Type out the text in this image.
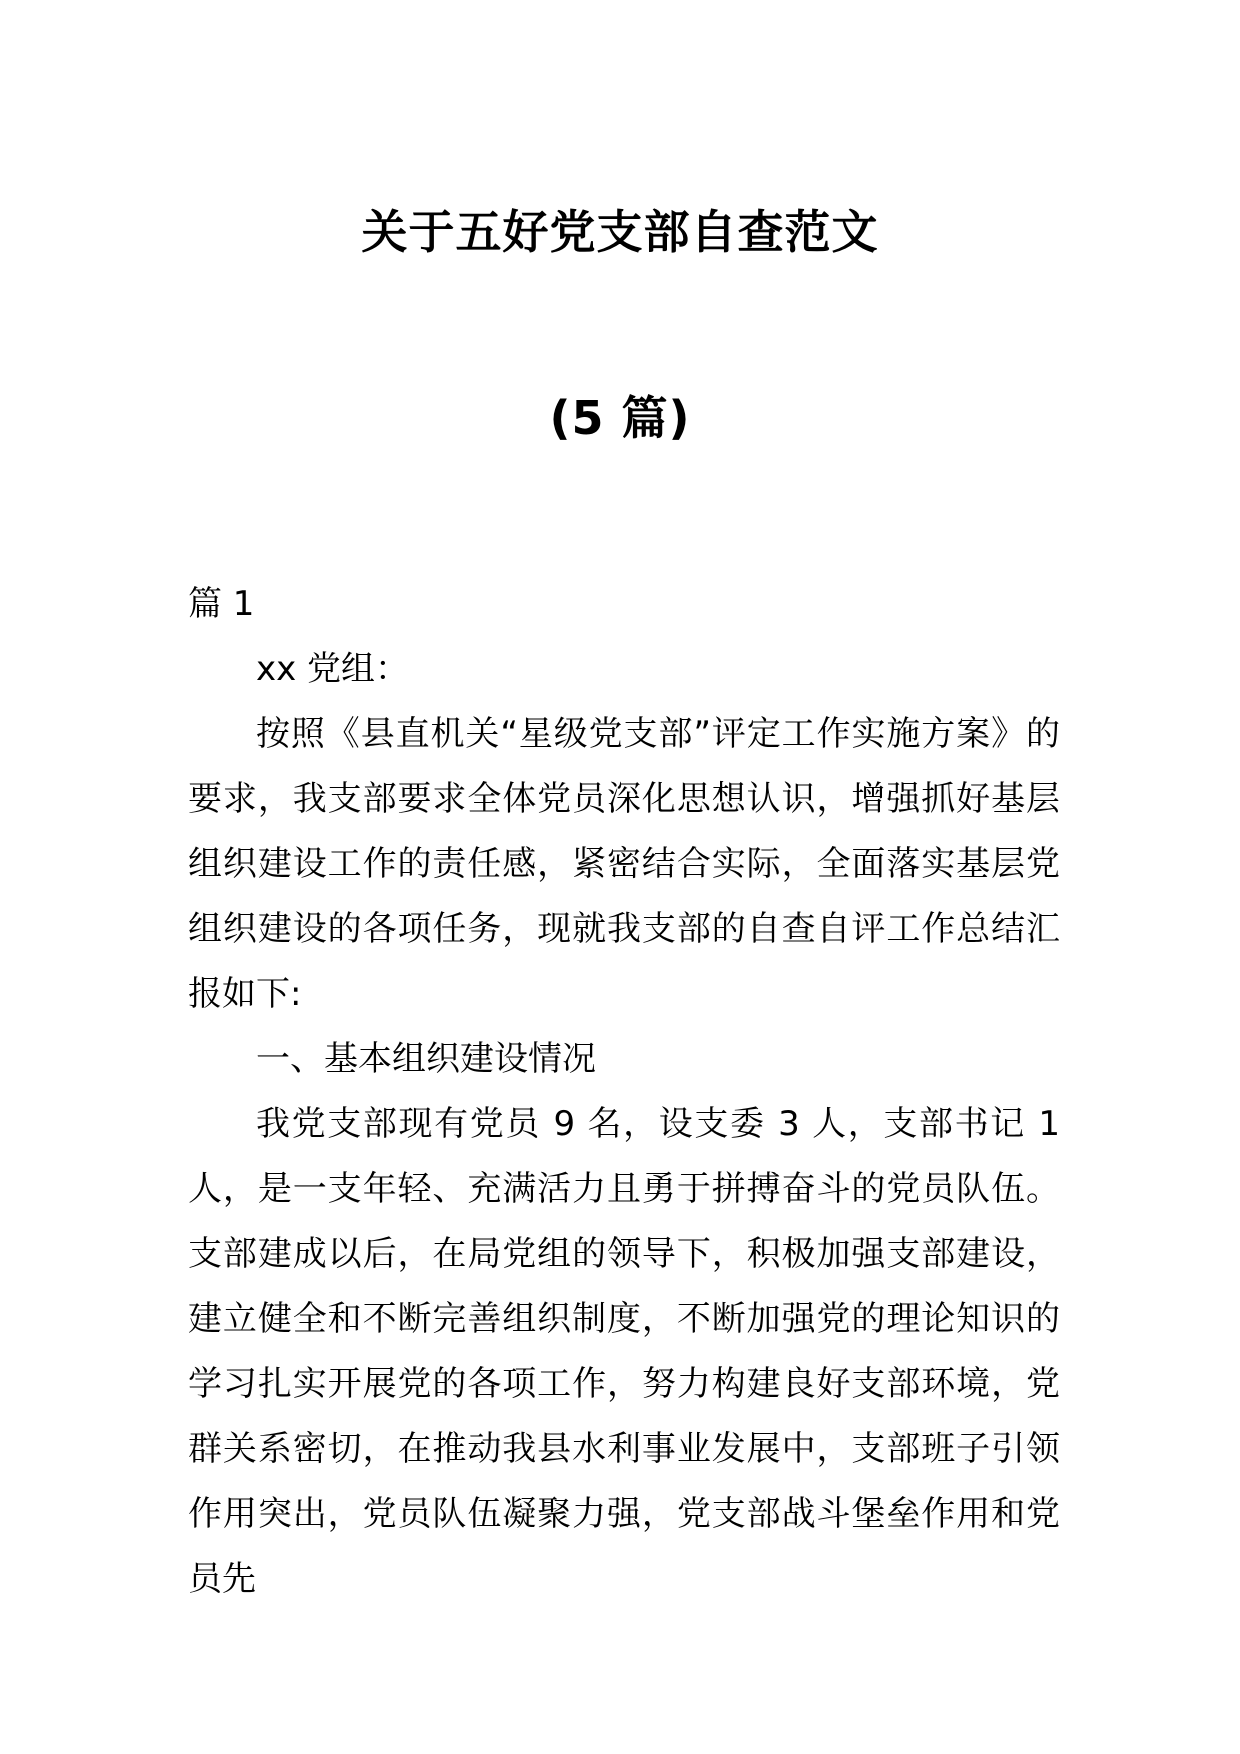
关于五好党支部自查范文
(5 篇)
篇 1
xx 党组：
按照《县直机关“星级党支部”评定工作实施方案》的要求，我支部要求全体党员深化思想认识，增强抓好基层组织建设工作的责任感，紧密结合实际，全面落实基层党组织建设的各项任务，现就我支部的自查自评工作总结汇报如下:
一、基本组织建设情况
我党支部现有党员 9 名，设支委 3 人，支部书记 1 人，是一支年轻、充满活力且勇于拼搏奋斗的党员队伍。支部建成以后，在局党组的领导下，积极加强支部建设，建立健全和不断完善组织制度，不断加强党的理论知识的学习扎实开展党的各项工作，努力构建良好支部环境，党群关系密切，在推动我县水利事业发展中，支部班子引领作用突出，党员队伍凝聚力强，党支部战斗堡垒作用和党员先
